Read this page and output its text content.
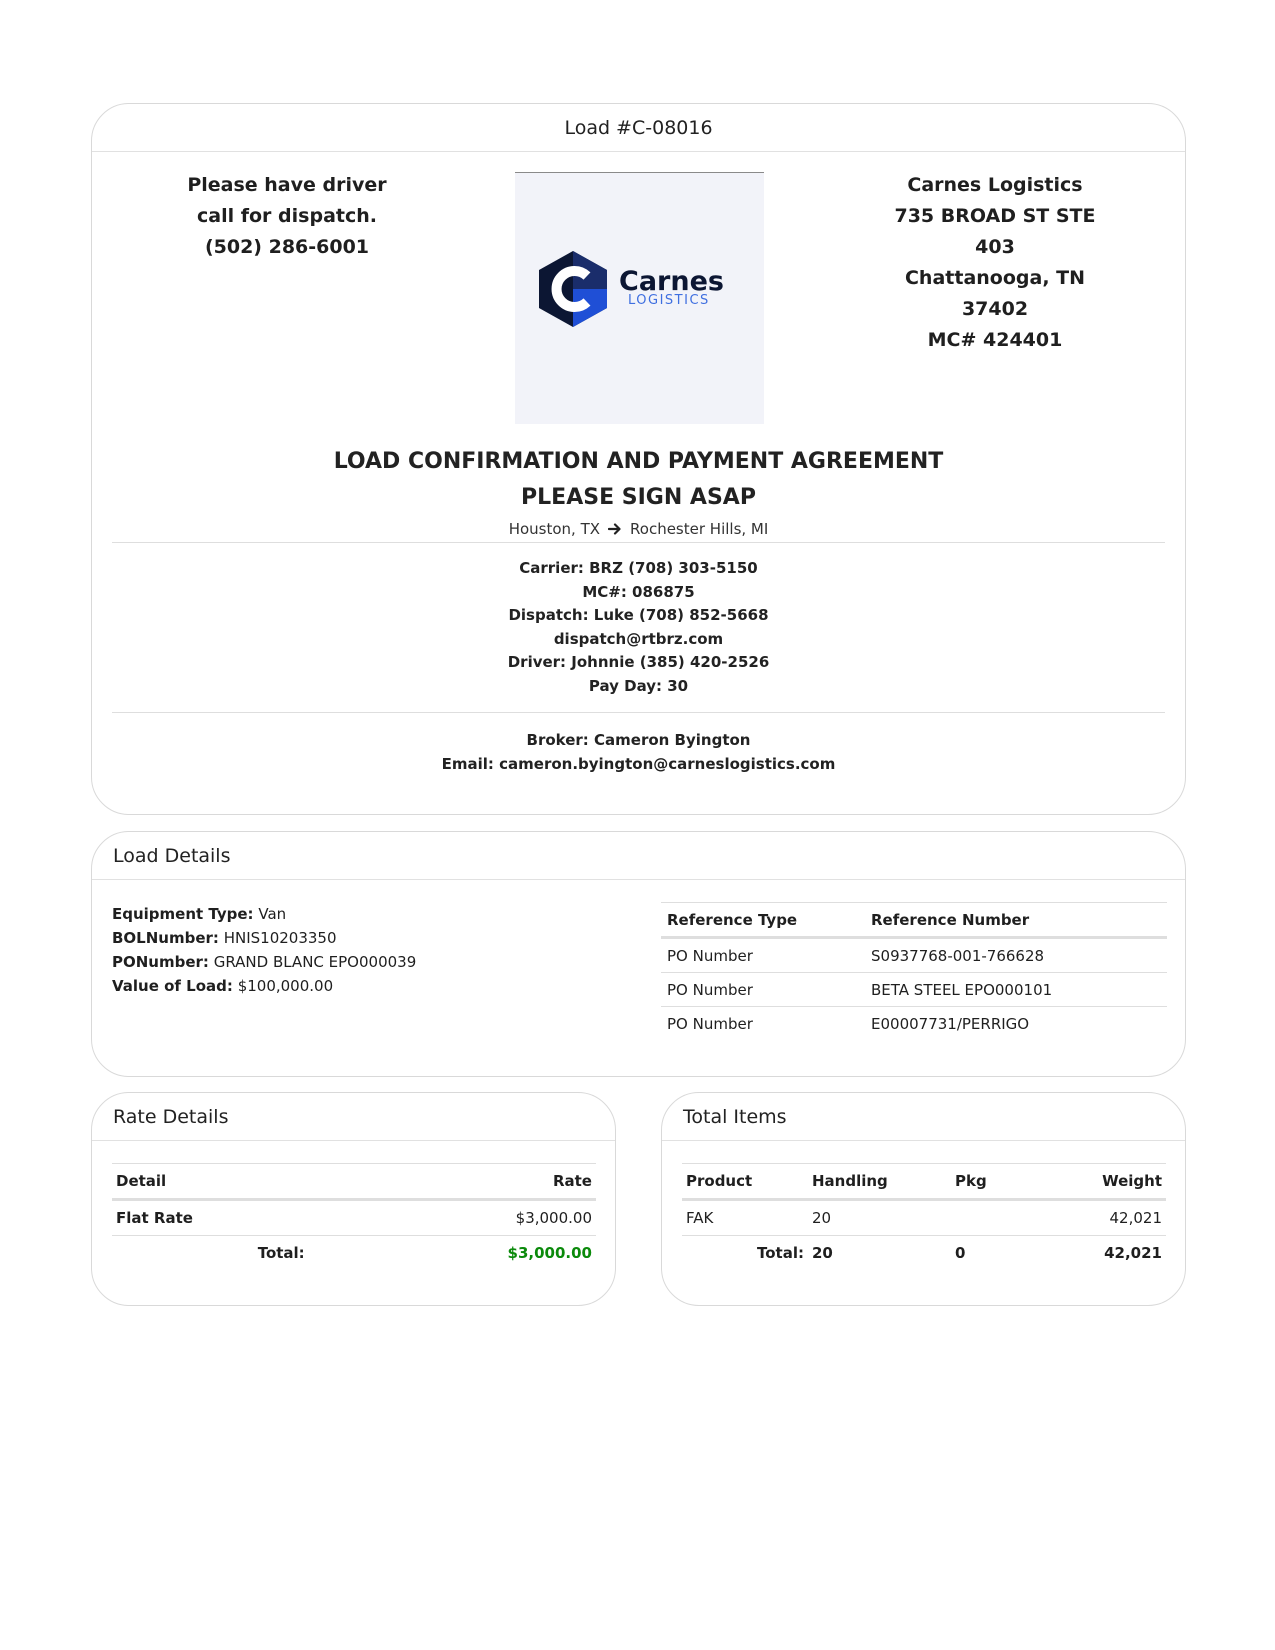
Load #C-08016
Please have driver
call for dispatch.
(502) 286-6001
Carnes
LOGISTICS
Carnes Logistics
735 BROAD ST STE 403
Chattanooga, TN 37402
MC# 424401
LOAD CONFIRMATION AND PAYMENT AGREEMENT
PLEASE SIGN ASAP
Houston, TX Rochester Hills, MI
Carrier: BRZ (708) 303-5150
MC#: 086875
Dispatch: Luke (708) 852-5668
dispatch@rtbrz.com
Driver: Johnnie (385) 420-2526
Pay Day: 30
Broker: Cameron Byington
Email: cameron.byington@carneslogistics.com
Load Details
Equipment Type: Van
BOLNumber: HNIS10203350
PONumber: GRAND BLANC EPO000039
Value of Load: $100,000.00
Reference Type	Reference Number
PO Number	S0937768-001-766628
PO Number	BETA STEEL EPO000101
PO Number	E00007731/PERRIGO
Rate Details
Detail		Rate
Flat Rate		$3,000.00
	Total:	$3,000.00
Total Items
Product	Handling	Pkg	Weight
FAK	20		42,021
Total:	20	0	42,021
